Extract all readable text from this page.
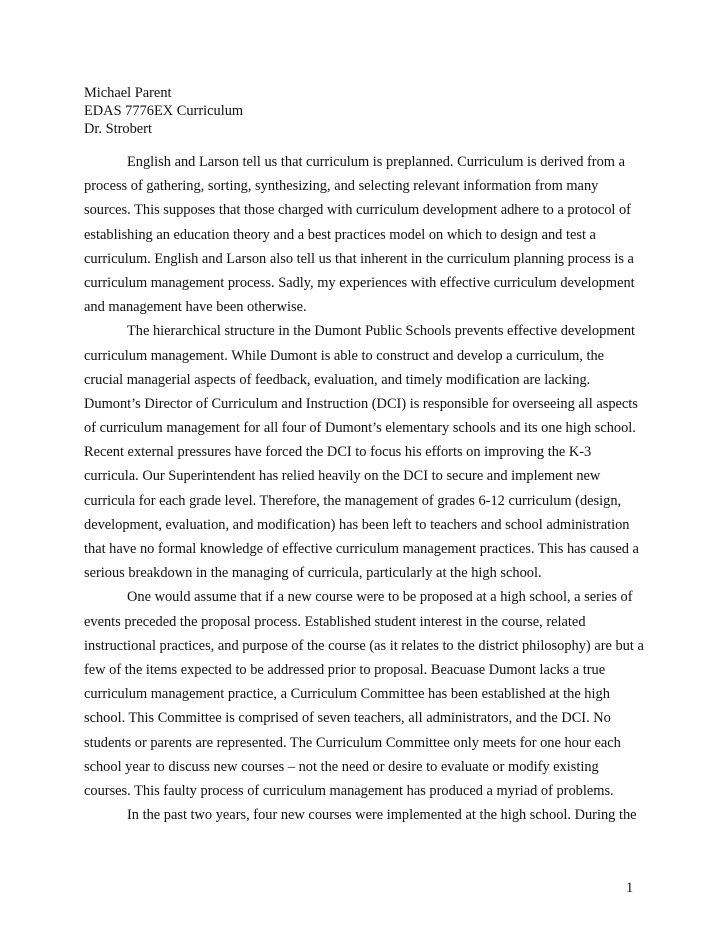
Michael Parent
EDAS 7776EX Curriculum
Dr. Strobert
English and Larson tell us that curriculum is preplanned. Curriculum is derived from a
process of gathering, sorting, synthesizing, and selecting relevant information from many
sources. This supposes that those charged with curriculum development adhere to a protocol of
establishing an education theory and a best practices model on which to design and test a
curriculum. English and Larson also tell us that inherent in the curriculum planning process is a
curriculum management process. Sadly, my experiences with effective curriculum development
and management have been otherwise.
The hierarchical structure in the Dumont Public Schools prevents effective development
curriculum management. While Dumont is able to construct and develop a curriculum, the
crucial managerial aspects of feedback, evaluation, and timely modification are lacking.
Dumont’s Director of Curriculum and Instruction (DCI) is responsible for overseeing all aspects
of curriculum management for all four of Dumont’s elementary schools and its one high school.
Recent external pressures have forced the DCI to focus his efforts on improving the K-3
curricula. Our Superintendent has relied heavily on the DCI to secure and implement new
curricula for each grade level. Therefore, the management of grades 6-12 curriculum (design,
development, evaluation, and modification) has been left to teachers and school administration
that have no formal knowledge of effective curriculum management practices. This has caused a
serious breakdown in the managing of curricula, particularly at the high school.
One would assume that if a new course were to be proposed at a high school, a series of
events preceded the proposal process. Established student interest in the course, related
instructional practices, and purpose of the course (as it relates to the district philosophy) are but a
few of the items expected to be addressed prior to proposal. Beacuase Dumont lacks a true
curriculum management practice, a Curriculum Committee has been established at the high
school. This Committee is comprised of seven teachers, all administrators, and the DCI. No
students or parents are represented. The Curriculum Committee only meets for one hour each
school year to discuss new courses – not the need or desire to evaluate or modify existing
courses. This faulty process of curriculum management has produced a myriad of problems.
In the past two years, four new courses were implemented at the high school. During the
1
